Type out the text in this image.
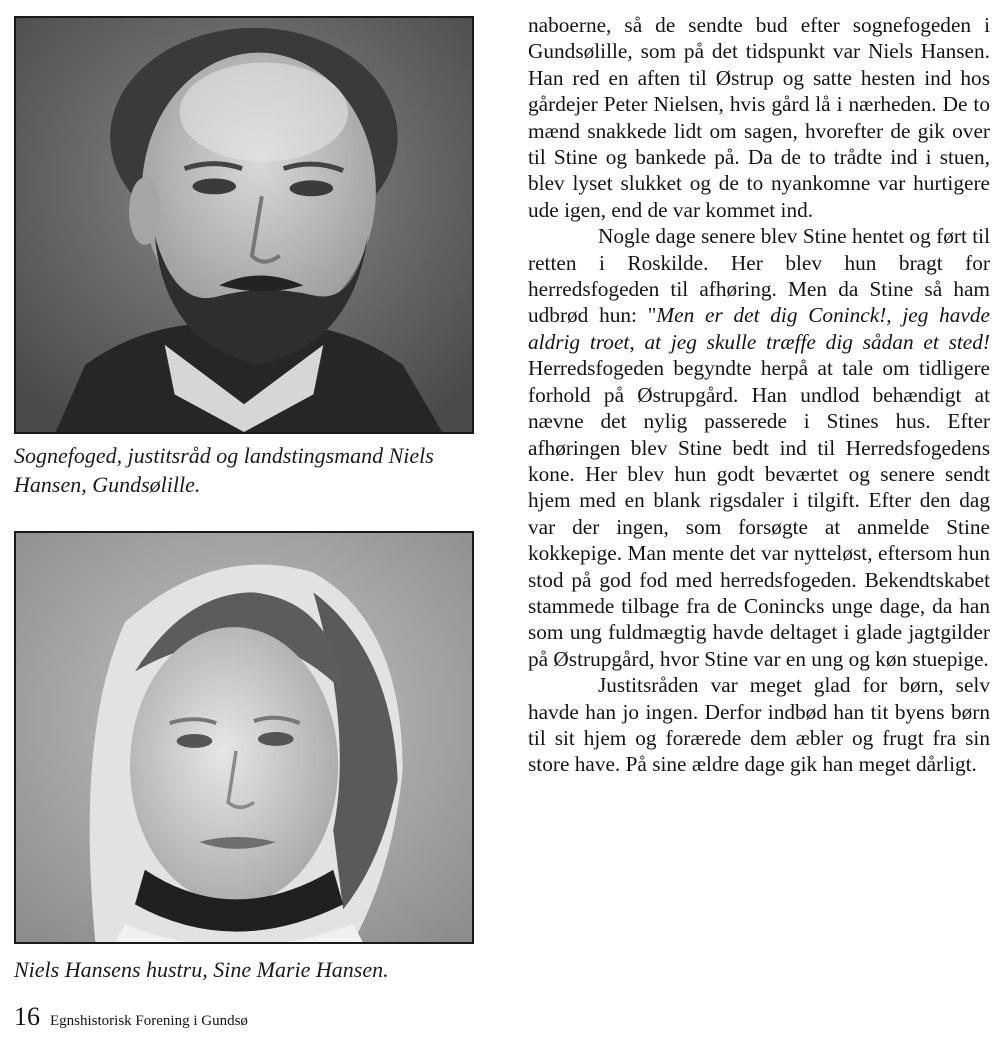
Sognefoged, justitsråd og landstingsmand Niels Hansen, Gundsølille.
Niels Hansens hustru, Sine Marie Hansen.

naboerne, så de sendte bud efter sognefogeden i Gundsølille, som på det tidspunkt var Niels Hansen. Han red en aften til Østrup og satte hesten ind hos gårdejer Peter Nielsen, hvis gård lå i nærheden. De to mænd snakkede lidt om sagen, hvorefter de gik over til Stine og bankede på. Da de to trådte ind i stuen, blev lyset slukket og de to nyankomne var hurtigere ude igen, end de var kommet ind.

Nogle dage senere blev Stine hentet og ført til retten i Roskilde. Her blev hun bragt for herredsfogeden til afhøring. Men da Stine så ham udbrød hun: "Men er det dig Coninck!, jeg havde aldrig troet, at jeg skulle træffe dig sådan et sted! Herredsfogeden begyndte herpå at tale om tidligere forhold på Østrupgård. Han undlod behændigt at nævne det nylig passerede i Stines hus. Efter afhøringen blev Stine bedt ind til Herredsfogedens kone. Her blev hun godt beværtet og senere sendt hjem med en blank rigsdaler i tilgift. Efter den dag var der ingen, som forsøgte at anmelde Stine kokkepige. Man mente det var nytteløst, eftersom hun stod på god fod med herredsfogeden. Bekendtskabet stammede tilbage fra de Conincks unge dage, da han som ung fuldmægtig havde deltaget i glade jagtgilder på Østrupgård, hvor Stine var en ung og køn stuepige.

Justitsråden var meget glad for børn, selv havde han jo ingen. Derfor indbød han tit byens børn til sit hjem og forærede dem æbler og frugt fra sin store have. På sine ældre dage gik han meget dårligt.

16 Egnshistorisk Forening i Gundsø
